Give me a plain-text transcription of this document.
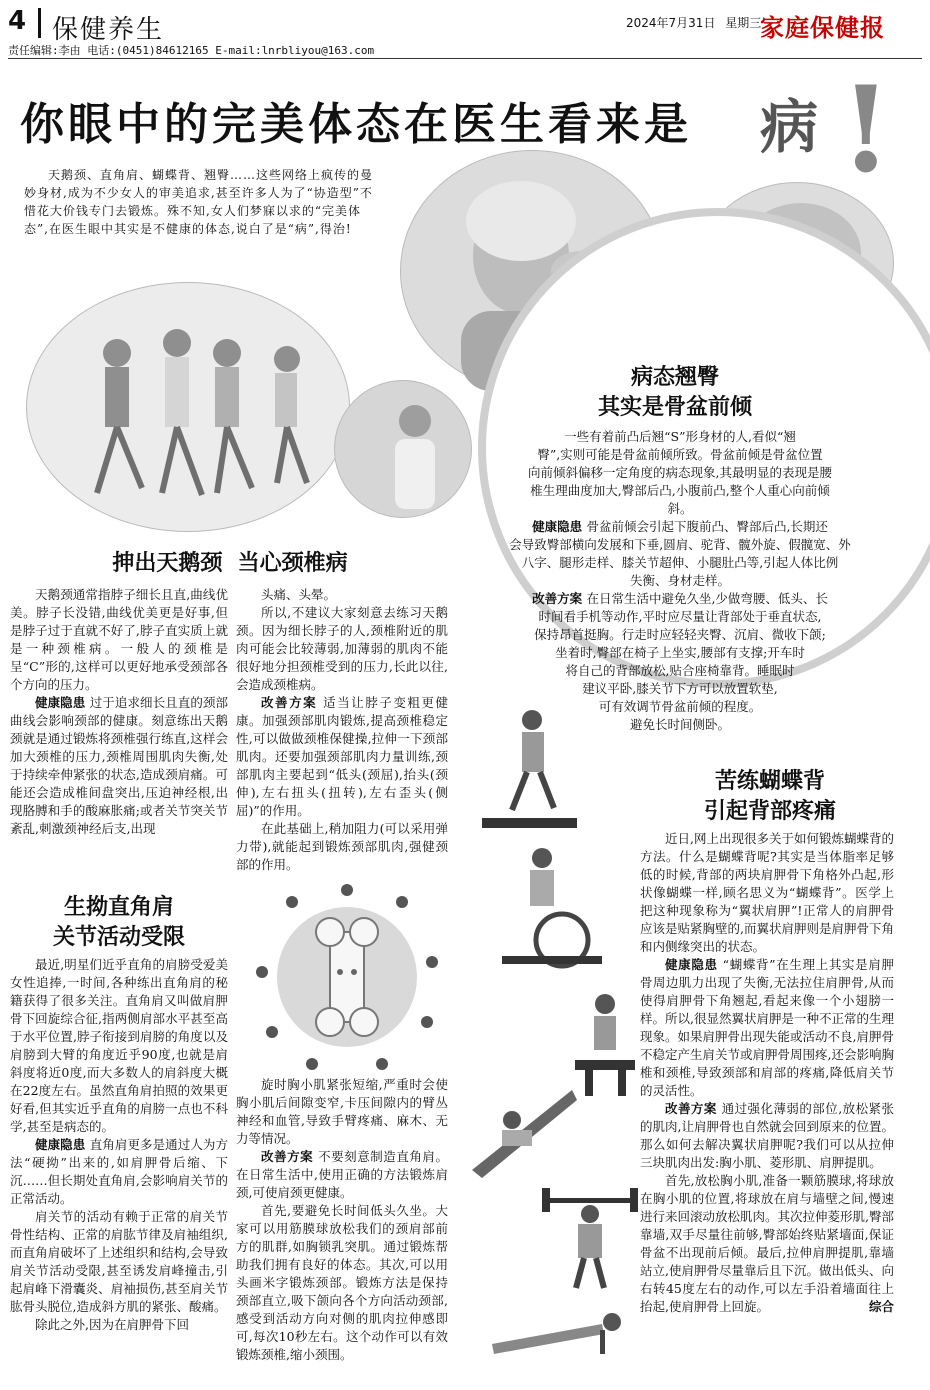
4 保健养生	2024年7月31日 星期三
家庭保健报
责任编辑:李由 电话:(0451)84612165 E-mail:lnrbliyou@163.com
你眼中的完美体态在医生看来是 病 !

天鹅颈、直角肩、蝴蝶背、翘臀……这些网络上疯传的曼妙身材,成为不少女人的审美追求,甚至许多人为了“协造型”不惜花大价钱专门去锻炼。殊不知,女人们梦寐以求的“完美体态”,在医生眼中其实是不健康的体态,说白了是“病”,得治!

病态翘臀
其实是骨盆前倾

一些有着前凸后翘“S”形身材的人,看似“翘

臀”,实则可能是骨盆前倾所致。骨盆前倾是骨盆位置

向前倾斜偏移一定角度的病态现象,其最明显的表现是腰

椎生理曲度加大,臀部后凸,小腹前凸,整个人重心向前倾

斜。

健康隐患 骨盆前倾会引起下腹前凸、臀部后凸,长期还

会导致臀部横向发展和下垂,圆肩、驼背、髋外旋、假髋宽、外

八字、腿形走样、膝关节超伸、小腿肚凸等,引起人体比例

失衡、身材走样。

改善方案 在日常生活中避免久坐,少做弯腰、低头、长

时间看手机等动作,平时应尽量让背部处于垂直状态,

保持昂首挺胸。行走时应轻轻夹臀、沉肩、微收下颌;

坐着时,臀部在椅子上坐实,腰部有支撑;开车时

将自己的背部放松,贴合座椅靠背。睡眠时

建议平卧,膝关节下方可以放置软垫,

可有效调节骨盆前倾的程度。

避免长时间侧卧。

抻出天鹅颈  当心颈椎病

天鹅颈通常指脖子细长且直,曲线优美。脖子长没错,曲线优美更是好事,但是脖子过于直就不好了,脖子直实质上就是一种颈椎病。一般人的颈椎是呈“C”形的,这样可以更好地承受颈部各个方向的压力。

健康隐患 过于追求细长且直的颈部曲线会影响颈部的健康。刻意练出天鹅颈就是通过锻炼将颈椎强行练直,这样会加大颈椎的压力,颈椎周围肌肉失衡,处于持续牵伸紧张的状态,造成颈肩痛。可能还会造成椎间盘突出,压迫神经根,出现胳膊和手的酸麻胀痛;或者关节突关节紊乱,刺激颈神经后支,出现

头痛、头晕。

所以,不建议大家刻意去练习天鹅颈。因为细长脖子的人,颈椎附近的肌肉可能会比较薄弱,加薄弱的肌肉不能很好地分担颈椎受到的压力,长此以往,会造成颈椎病。

改善方案 适当让脖子变粗更健康。加强颈部肌肉锻炼,提高颈椎稳定性,可以做做颈椎保健操,拉伸一下颈部肌肉。还要加强颈部肌肉力量训练,颈部肌肉主要起到“低头(颈屈),抬头(颈伸),左右扭头(扭转),左右歪头(侧屈)”的作用。

在此基础上,稍加阻力(可以采用弹力带),就能起到锻炼颈部肌肉,强健颈部的作用。

生拗直角肩
关节活动受限

最近,明星们近乎直角的肩膀受爱美女性追捧,一时间,各种练出直角肩的秘籍获得了很多关注。直角肩又叫做肩胛骨下回旋综合征,指两侧肩部水平甚至高于水平位置,脖子衔接到肩膀的角度以及肩膀到大臂的角度近乎90度,也就是肩斜度将近0度,而大多数人的肩斜度大概在22度左右。虽然直角肩拍照的效果更好看,但其实近乎直角的肩膀一点也不科学,甚至是病态的。

健康隐患 直角肩更多是通过人为方法“硬拗”出来的,如肩胛骨后缩、下沉……但长期处直角肩,会影响肩关节的正常活动。

肩关节的活动有赖于正常的肩关节骨性结构、正常的肩肱节律及肩袖组织,而直角肩破坏了上述组织和结构,会导致肩关节活动受限,甚至诱发肩峰撞击,引起肩峰下滑囊炎、肩袖损伤,甚至肩关节肱骨头脱位,造成斜方肌的紧张、酸痛。

除此之外,因为在肩胛骨下回

旋时胸小肌紧张短缩,严重时会使胸小肌后间隙变窄,卡压间隙内的臂丛神经和血管,导致手臂疼痛、麻木、无力等情况。

改善方案 不要刻意制造直角肩。在日常生活中,使用正确的方法锻炼肩颈,可使肩颈更健康。

首先,要避免长时间低头久坐。大家可以用筋膜球放松我们的颈肩部前方的肌群,如胸锁乳突肌。通过锻炼帮助我们拥有良好的体态。其次,可以用头画米字锻炼颈部。锻炼方法是保持颈部直立,吸下颌向各个方向活动颈部,感受到活动方向对侧的肌肉拉伸感即可,每次10秒左右。这个动作可以有效锻炼颈椎,缩小颈围。

苦练蝴蝶背
引起背部疼痛

近日,网上出现很多关于如何锻炼蝴蝶背的方法。什么是蝴蝶背呢?其实是当体脂率足够低的时候,背部的两块肩胛骨下角格外凸起,形状像蝴蝶一样,顾名思义为“蝴蝶背”。医学上把这种现象称为“翼状肩胛”!正常人的肩胛骨应该是贴紧胸壁的,而翼状肩胛则是肩胛骨下角和内侧缘突出的状态。

健康隐患 “蝴蝶背”在生理上其实是肩胛骨周边肌力出现了失衡,无法拉住肩胛骨,从而使得肩胛骨下角翘起,看起来像一个小翅膀一样。所以,很显然翼状肩胛是一种不正常的生理现象。如果肩胛骨出现失能或活动不良,肩胛骨不稳定产生肩关节或肩胛骨周围疼,还会影响胸椎和颈椎,导致颈部和肩部的疼痛,降低肩关节的灵活性。

改善方案 通过强化薄弱的部位,放松紧张的肌肉,让肩胛骨也自然就会回到原来的位置。那么如何去解决翼状肩胛呢?我们可以从拉伸三块肌肉出发:胸小肌、菱形肌、肩胛提肌。

首先,放松胸小肌,准备一颗筋膜球,将球放在胸小肌的位置,将球放在肩与墙壁之间,慢速进行来回滚动放松肌肉。其次拉伸菱形肌,臀部靠墙,双手尽量往前够,臀部始终贴紧墙面,保证骨盆不出现前后倾。最后,拉伸肩胛提肌,靠墙站立,使肩胛骨尽量靠后且下沉。做出低头、向右转45度左右的动作,可以左手沿着墙面往上抬起,使肩胛骨上回旋。	综合
